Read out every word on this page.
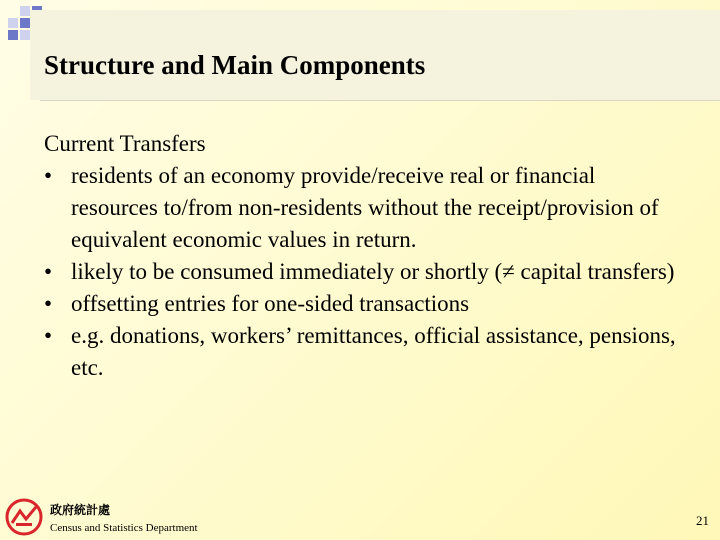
Structure and Main Components
Current Transfers
• residents of an economy provide/receive real or financial resources to/from non-residents without the receipt/provision of equivalent economic values in return.
• likely to be consumed immediately or shortly (≠ capital transfers)
• offsetting entries for one-sided transactions
• e.g. donations, workers’ remittances, official assistance, pensions, etc.
政府統計處
Census and Statistics Department	21
